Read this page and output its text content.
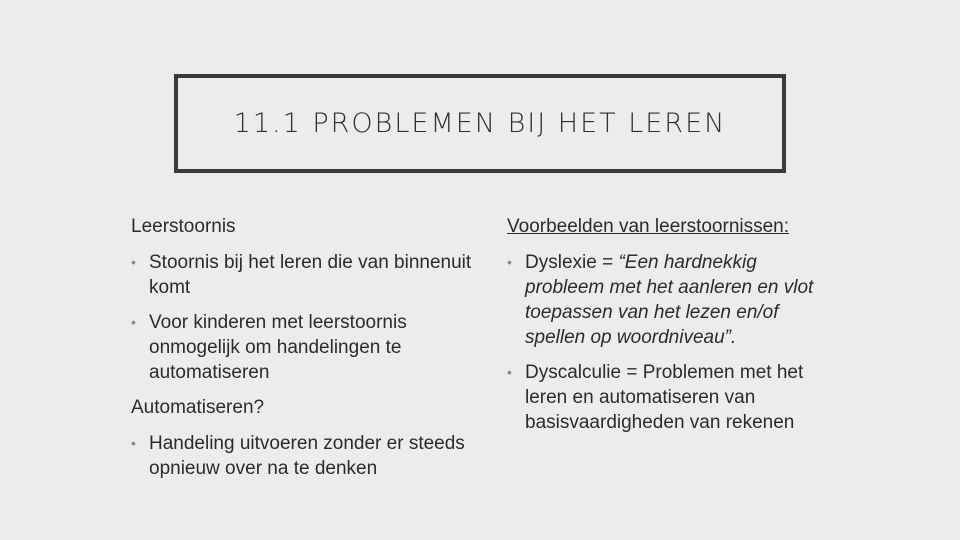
11.1 PROBLEMEN BIJ HET LEREN
Leerstoornis
• Stoornis bij het leren die van binnenuit komt
• Voor kinderen met leerstoornis onmogelijk om handelingen te automatiseren
Automatiseren?
• Handeling uitvoeren zonder er steeds opnieuw over na te denken
Voorbeelden van leerstoornissen:
• Dyslexie = “Een hardnekkig probleem met het aanleren en vlot toepassen van het lezen en/of spellen op woordniveau”.
• Dyscalculie = Problemen met het leren en automatiseren van basisvaardigheden van rekenen
